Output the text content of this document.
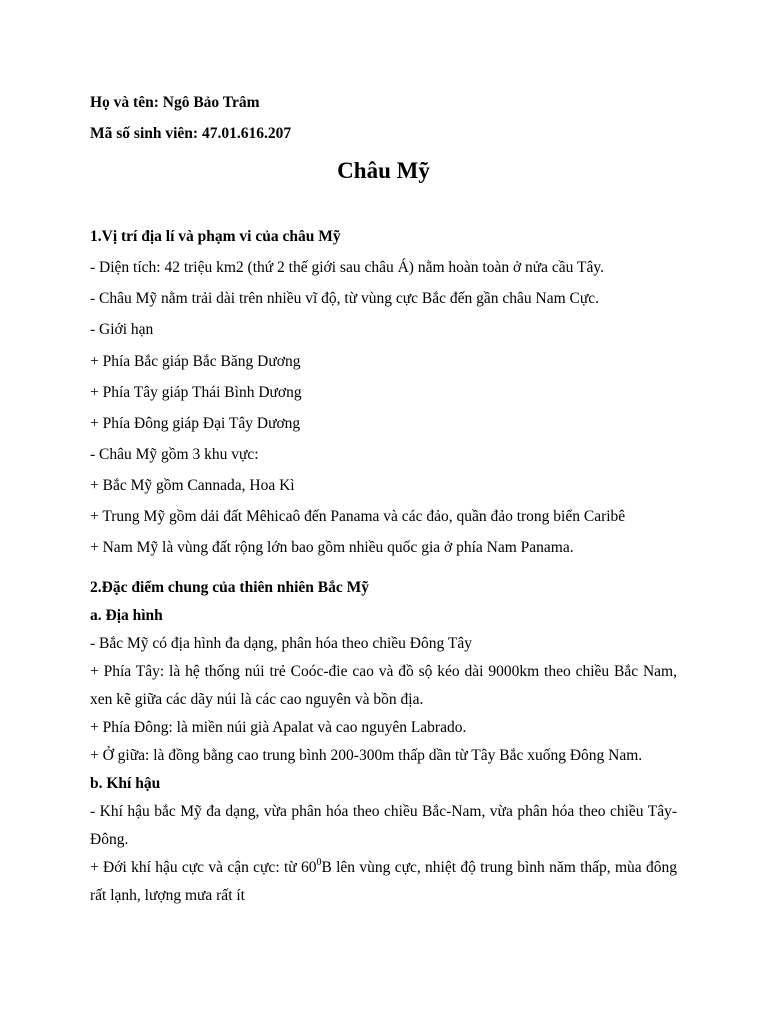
Họ và tên: Ngô Bảo Trâm
Mã số sinh viên: 47.01.616.207
Châu Mỹ
1.Vị trí địa lí và phạm vi của châu Mỹ
- Diện tích: 42 triệu km2 (thứ 2 thế giới sau châu Á) nằm hoàn toàn ở nửa cầu Tây.
- Châu Mỹ nằm trải dài trên nhiều vĩ độ, từ vùng cực Bắc đến gần châu Nam Cực.
- Giới hạn
+ Phía Bắc giáp Bắc Băng Dương
+ Phía Tây giáp Thái Bình Dương
+ Phía Đông giáp Đại Tây Dương
- Châu Mỹ gồm 3 khu vực:
+ Bắc Mỹ gồm Cannada, Hoa Kì
+ Trung Mỹ gồm dải đất Mêhicaô đến Panama và các đảo, quần đảo trong biển Caribê
+ Nam Mỹ là vùng đất rộng lớn bao gồm nhiều quốc gia ở phía Nam Panama.
2.Đặc điểm chung của thiên nhiên Bắc Mỹ
a. Địa hình
- Bắc Mỹ có địa hình đa dạng, phân hóa theo chiều Đông Tây
+ Phía Tây: là hệ thống núi trẻ Coóc-đie cao và đồ sộ kéo dài 9000km theo chiều Bắc Nam, xen kẽ giữa các dãy núi là các cao nguyên và bồn địa.
+ Phía Đông: là miền núi già Apalat và cao nguyên Labrado.
+ Ở giữa: là đồng bằng cao trung bình 200-300m thấp dần từ Tây Bắc xuống Đông Nam.
b. Khí hậu
- Khí hậu bắc Mỹ đa dạng, vừa phân hóa theo chiều Bắc-Nam, vừa phân hóa theo chiều Tây-Đông.
+ Đới khí hậu cực và cận cực: từ $60^0B$ lên vùng cực, nhiệt độ trung bình năm thấp, mùa đông rất lạnh, lượng mưa rất ít
